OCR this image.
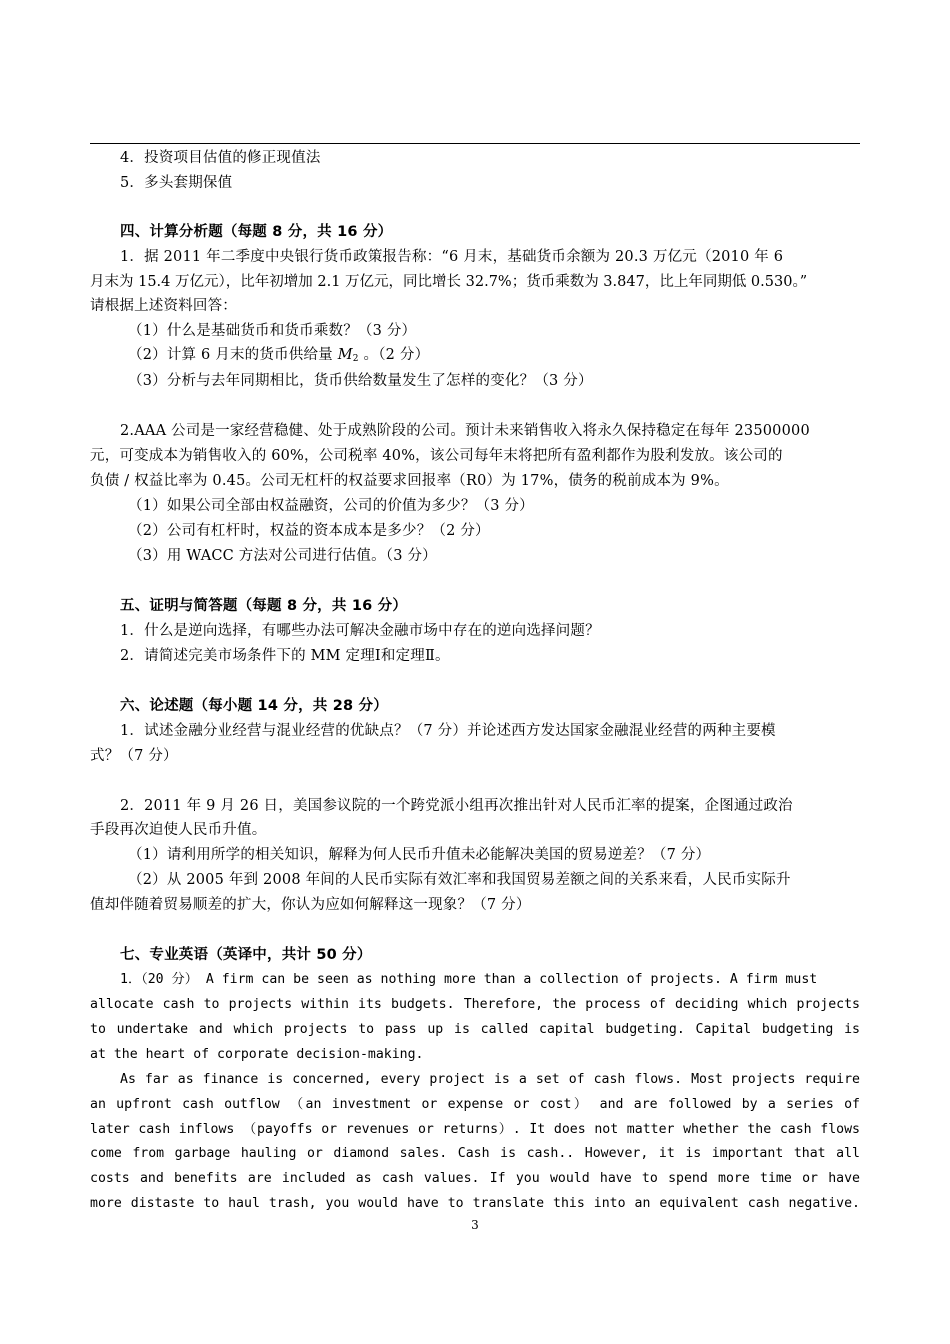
4．投资项目估值的修正现值法
5．多头套期保值
四、计算分析题（每题 8 分，共 16 分）
1．据 2011 年二季度中央银行货币政策报告称：“6 月末，基础货币余额为 20.3 万亿元（2010 年 6
月末为 15.4 万亿元），比年初增加 2.1 万亿元，同比增长 32.7%；货币乘数为 3.847，比上年同期低 0.530。”
请根据上述资料回答：
（1）什么是基础货币和货币乘数？（3 分）
（2）计算 6 月末的货币供给量 $M_2$ 。（2 分）
（3）分析与去年同期相比，货币供给数量发生了怎样的变化？（3 分）
2.AAA 公司是一家经营稳健、处于成熟阶段的公司。预计未来销售收入将永久保持稳定在每年 23500000
元，可变成本为销售收入的 60%，公司税率 40%，该公司每年末将把所有盈利都作为股利发放。该公司的
负债 / 权益比率为 0.45。公司无杠杆的权益要求回报率（R0）为 17%，债务的税前成本为 9%。
（1）如果公司全部由权益融资，公司的价值为多少？（3 分）
（2）公司有杠杆时，权益的资本成本是多少？（2 分）
（3）用 WACC 方法对公司进行估值。（3 分）
五、证明与简答题（每题 8 分，共 16 分）
1．什么是逆向选择，有哪些办法可解决金融市场中存在的逆向选择问题？
2．请简述完美市场条件下的 MM 定理Ⅰ和定理Ⅱ。
六、论述题（每小题 14 分，共 28 分）
1．试述金融分业经营与混业经营的优缺点？（7 分）并论述西方发达国家金融混业经营的两种主要模
式？（7 分）
2．2011 年 9 月 26 日，美国参议院的一个跨党派小组再次推出针对人民币汇率的提案，企图通过政治
手段再次迫使人民币升值。
（1）请利用所学的相关知识，解释为何人民币升值未必能解决美国的贸易逆差？（7 分）
（2）从 2005 年到 2008 年间的人民币实际有效汇率和我国贸易差额之间的关系来看，人民币实际升
值却伴随着贸易顺差的扩大，你认为应如何解释这一现象？（7 分）
七、专业英语（英译中，共计 50 分）
1．（20 分） A firm can be seen as nothing more than a collection of projects. A firm must
allocate cash to projects within its budgets. Therefore, the process of deciding which projects
to undertake and which projects to pass up is called capital budgeting. Capital budgeting is
at the heart of corporate decision-making.
As far as finance is concerned, every project is a set of cash flows. Most projects require
an upfront cash outflow （an investment or expense or cost） and are followed by a series of
later cash inflows （payoffs or revenues or returns）. It does not matter whether the cash flows
come from garbage hauling or diamond sales. Cash is cash.. However, it is important that all
costs and benefits are included as cash values. If you would have to spend more time or have
more distaste to haul trash, you would have to translate this into an equivalent cash negative.
3
